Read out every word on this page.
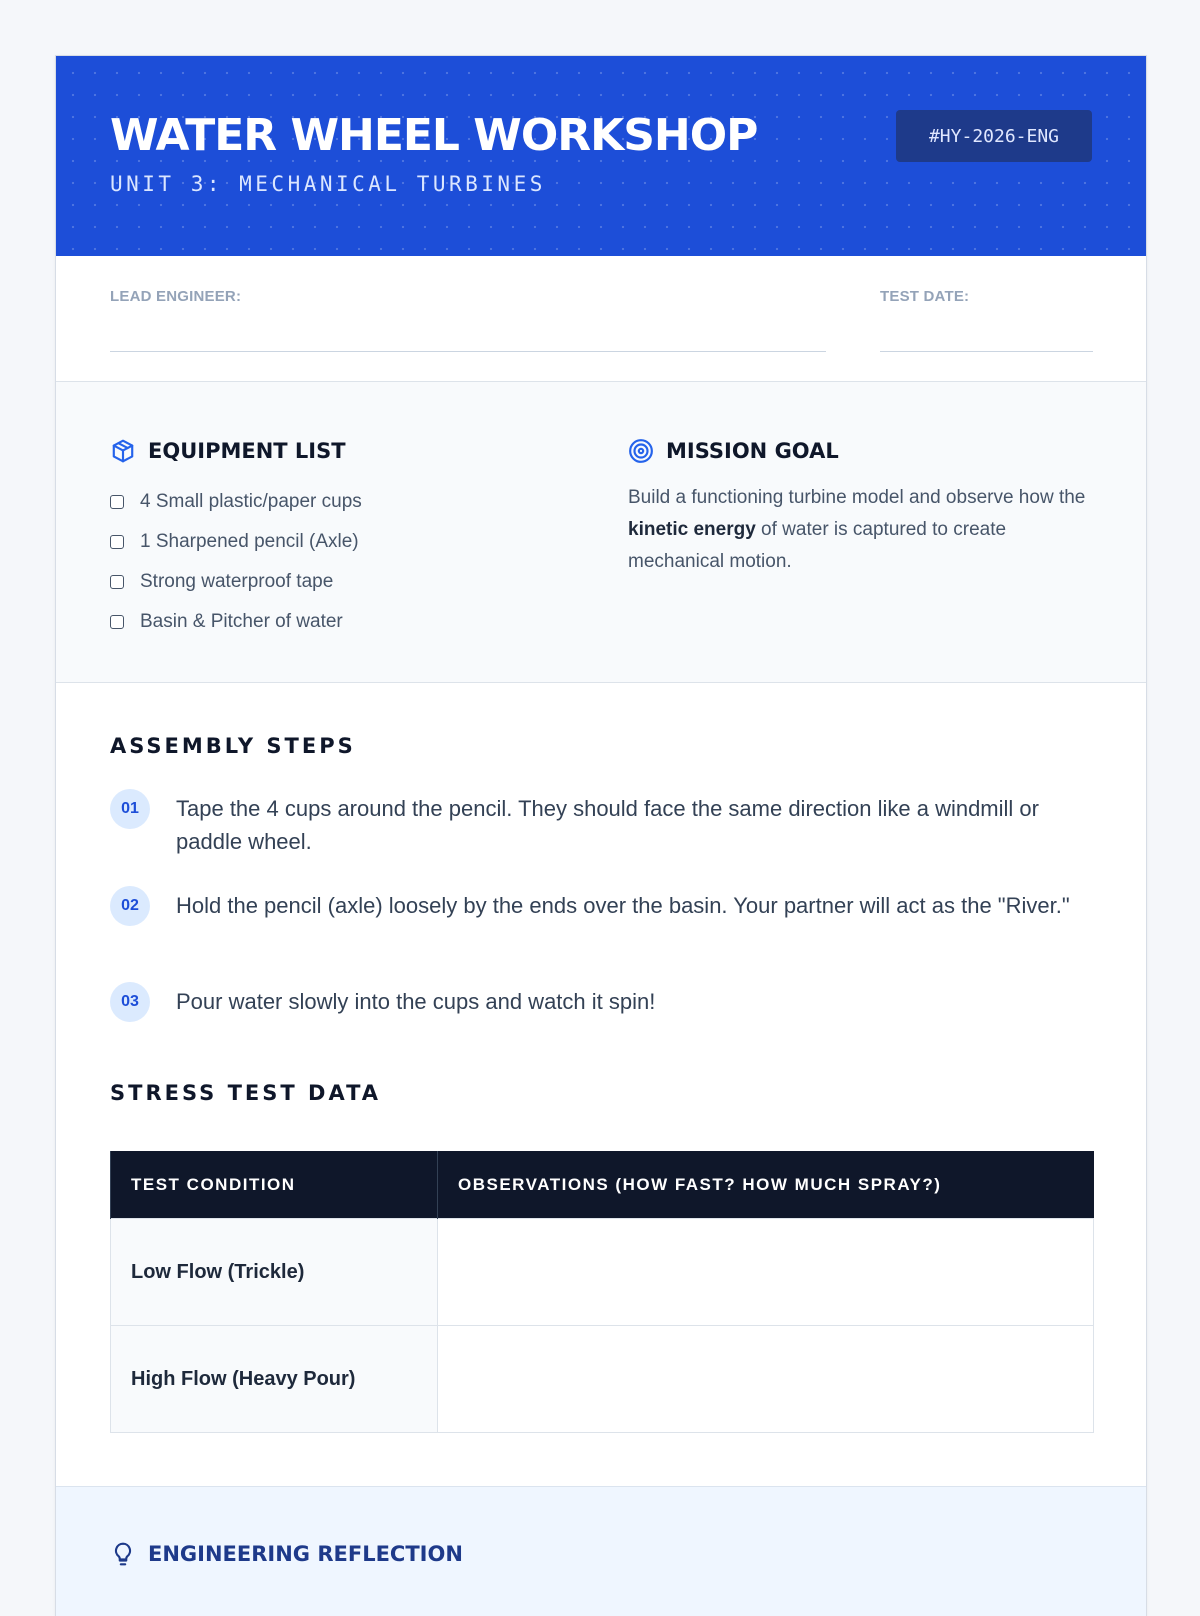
WATER WHEEL WORKSHOP
UNIT 3: MECHANICAL TURBINES
#HY-2026-ENG
LEAD ENGINEER:	TEST DATE:
EQUIPMENT LIST
4 Small plastic/paper cups
1 Sharpened pencil (Axle)
Strong waterproof tape
Basin & Pitcher of water
MISSION GOAL

Build a functioning turbine model and observe how the kinetic energy of water is captured to create mechanical motion.

ASSEMBLY STEPS
01	Tape the 4 cups around the pencil. They should face the same direction like a windmill or paddle wheel.
02	Hold the pencil (axle) loosely by the ends over the basin. Your partner will act as the "River."
03	Pour water slowly into the cups and watch it spin!
STRESS TEST DATA
TEST CONDITION	OBSERVATIONS (HOW FAST? HOW MUCH SPRAY?)
Low Flow (Trickle)	
High Flow (Heavy Pour)	
ENGINEERING REFLECTION
